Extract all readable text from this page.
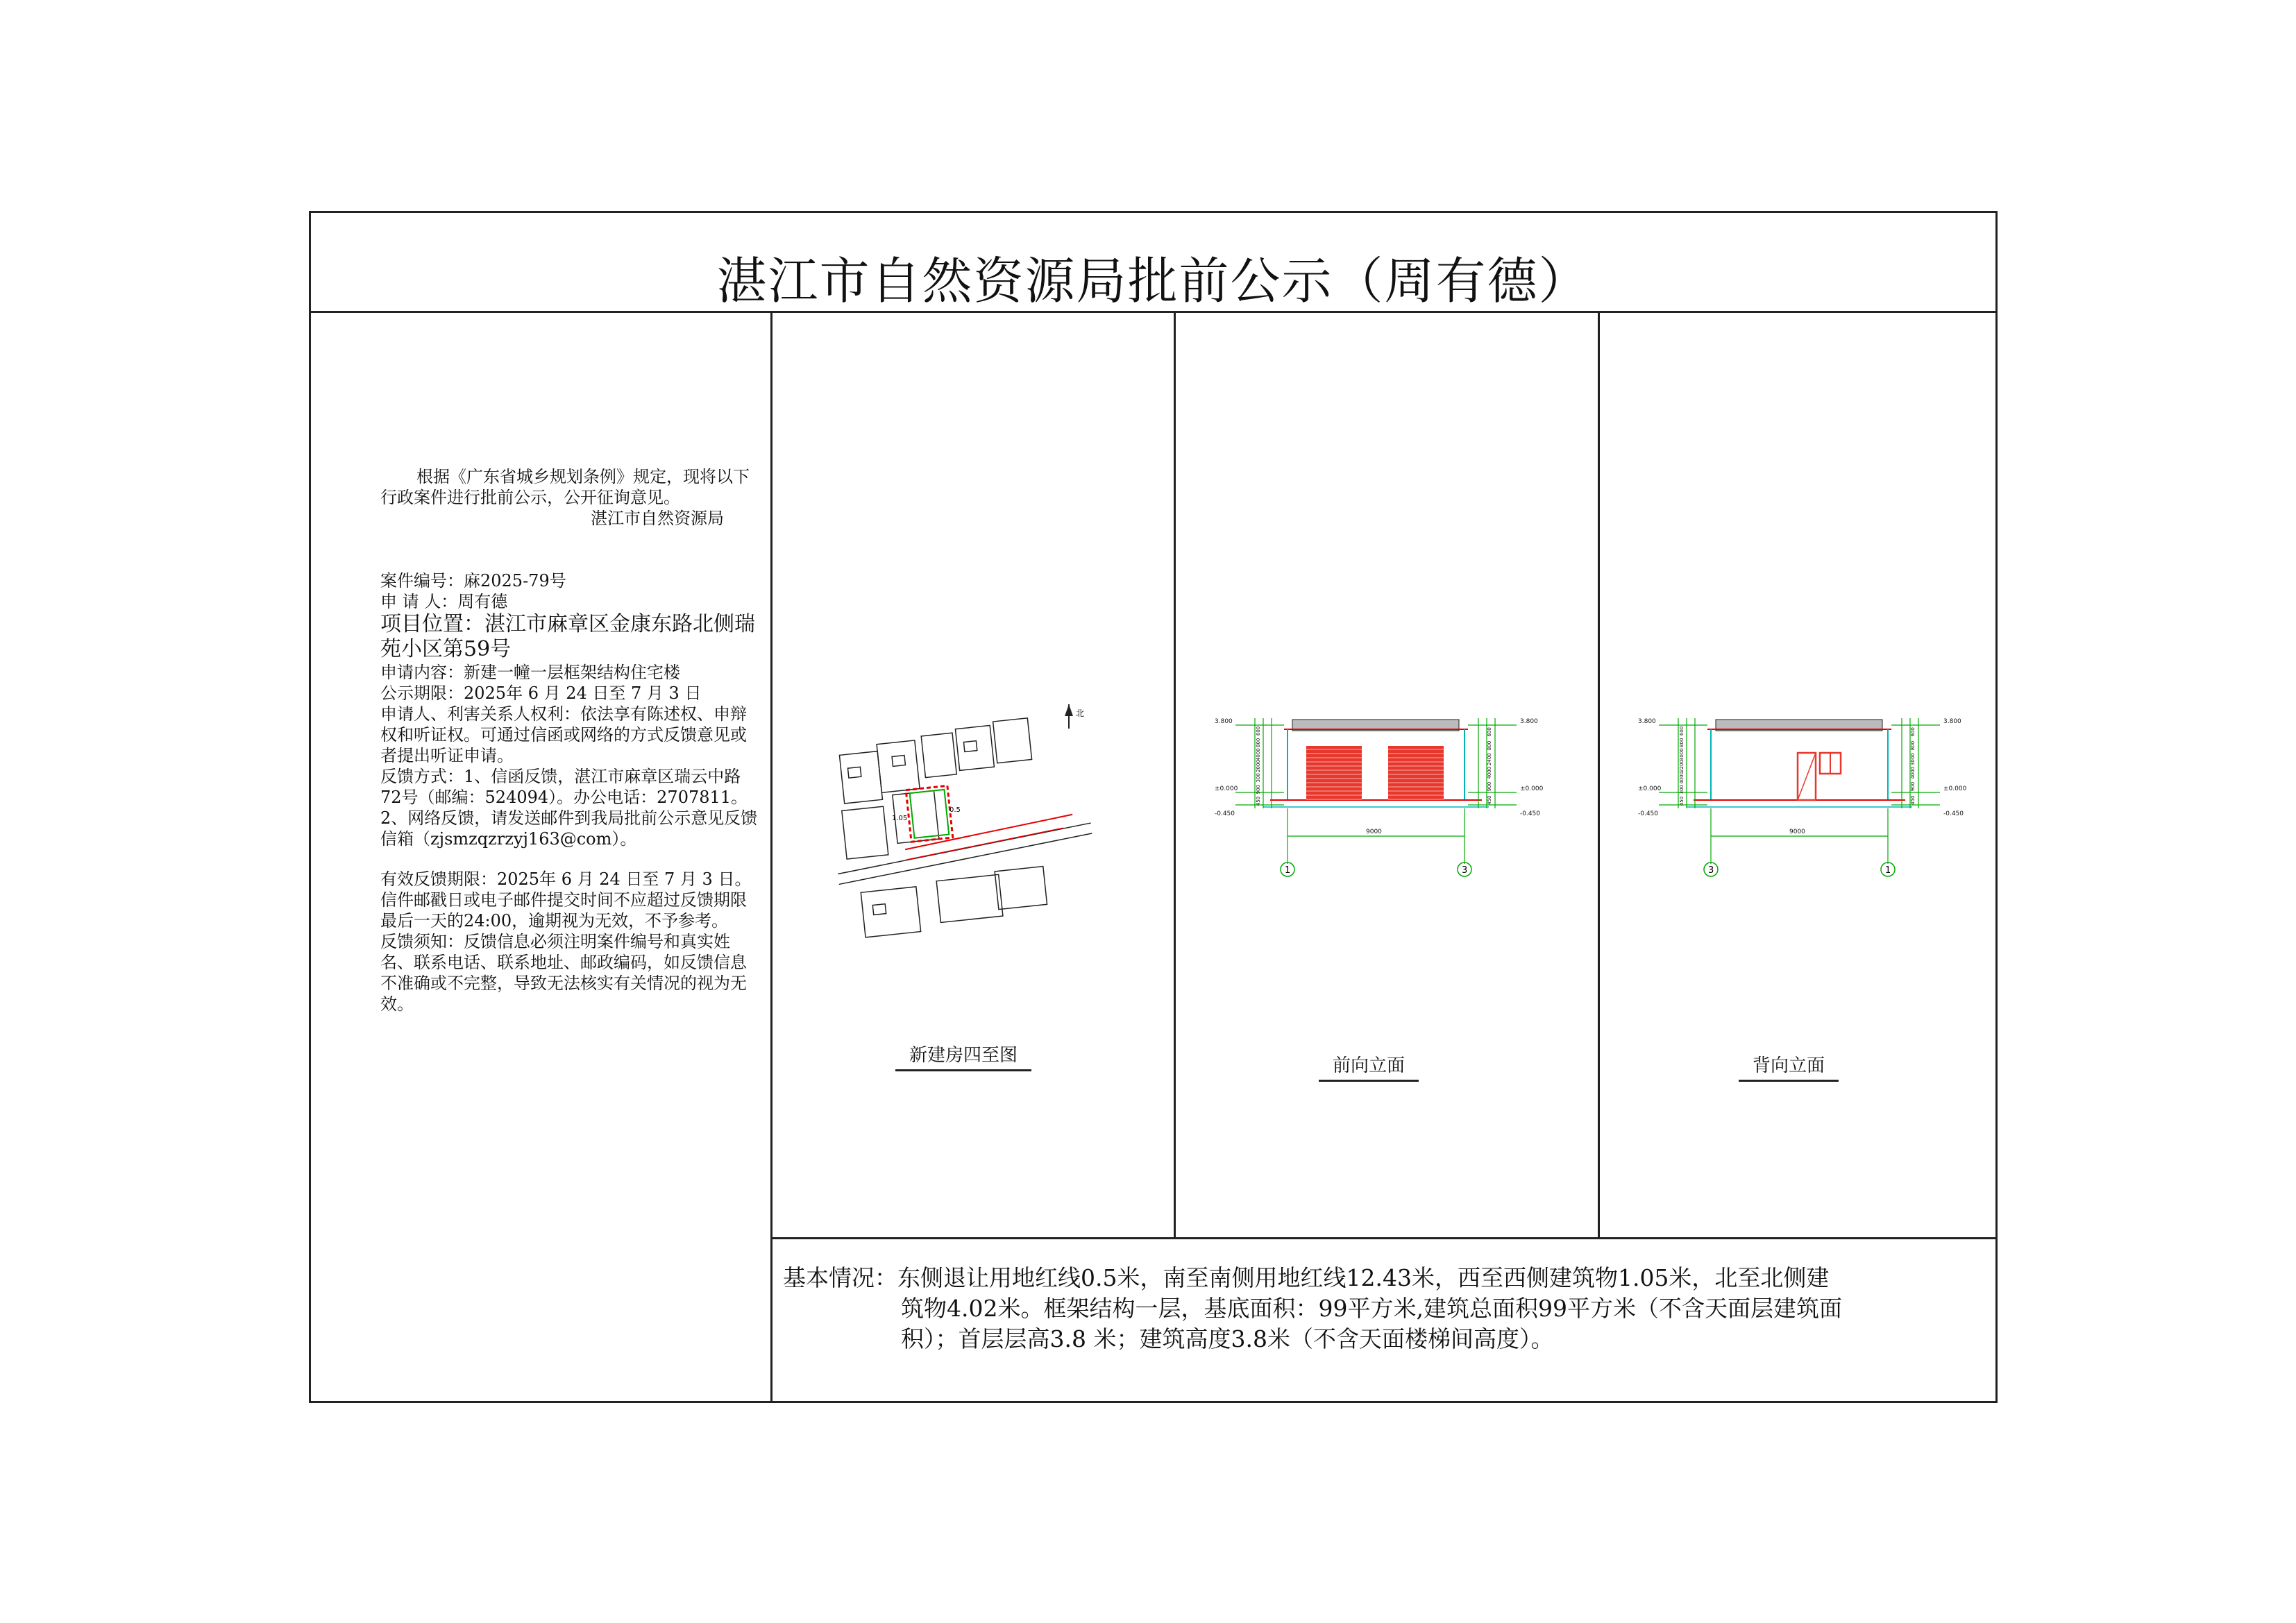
湛江市自然资源局批前公示（周有德）

根据《广东省城乡规划条例》规定，现将以下行政案件进行批前公示，公开征询意见。

湛江市自然资源局

案件编号：麻2025-79号

申 请 人：周有德

项目位置：湛江市麻章区金康东路北侧瑞苑小区第59号

申请内容：新建一幢一层框架结构住宅楼

公示期限：2025年 6 月 24 日至 7 月 3 日

申请人、利害关系人权利：依法享有陈述权、申辩权和听证权。可通过信函或网络的方式反馈意见或者提出听证申请。

反馈方式：1、信函反馈，湛江市麻章区瑞云中路72号（邮编：524094）。办公电话：2707811。

2、网络反馈，请发送邮件到我局批前公示意见反馈信箱（zjsmzqzrzyj163@com）。

有效反馈期限：2025年 6 月 24 日至 7 月 3 日。信件邮戳日或电子邮件提交时间不应超过反馈期限最后一天的24:00，逾期视为无效，不予参考。

反馈须知：反馈信息必须注明案件编号和真实姓名、联系电话、联系地址、邮政编码，如反馈信息不准确或不完整，导致无法核实有关情况的视为无效。

1.05
0.5
北
3.800	3.800
±0.000	±0.000
-0.450	-0.450
9000
600
800
4000
2000
300
900
450
600
800
2400
4000
900
450
1	3
3.800	3.800
±0.000	±0.000
-0.450	-0.450
9000
600
800
3000
2200
4000
300
450
600
800
3000
4000
900
450
3	1
新建房四至图	前向立面	背向立面
基本情况：东侧退让用地红线0.5米，南至南侧用地红线12.43米，西至西侧建筑物1.05米，北至北侧建
筑物4.02米。框架结构一层，基底面积：99平方米,建筑总面积99平方米（不含天面层建筑面
积）；首层层高3.8 米；建筑高度3.8米（不含天面楼梯间高度）。
